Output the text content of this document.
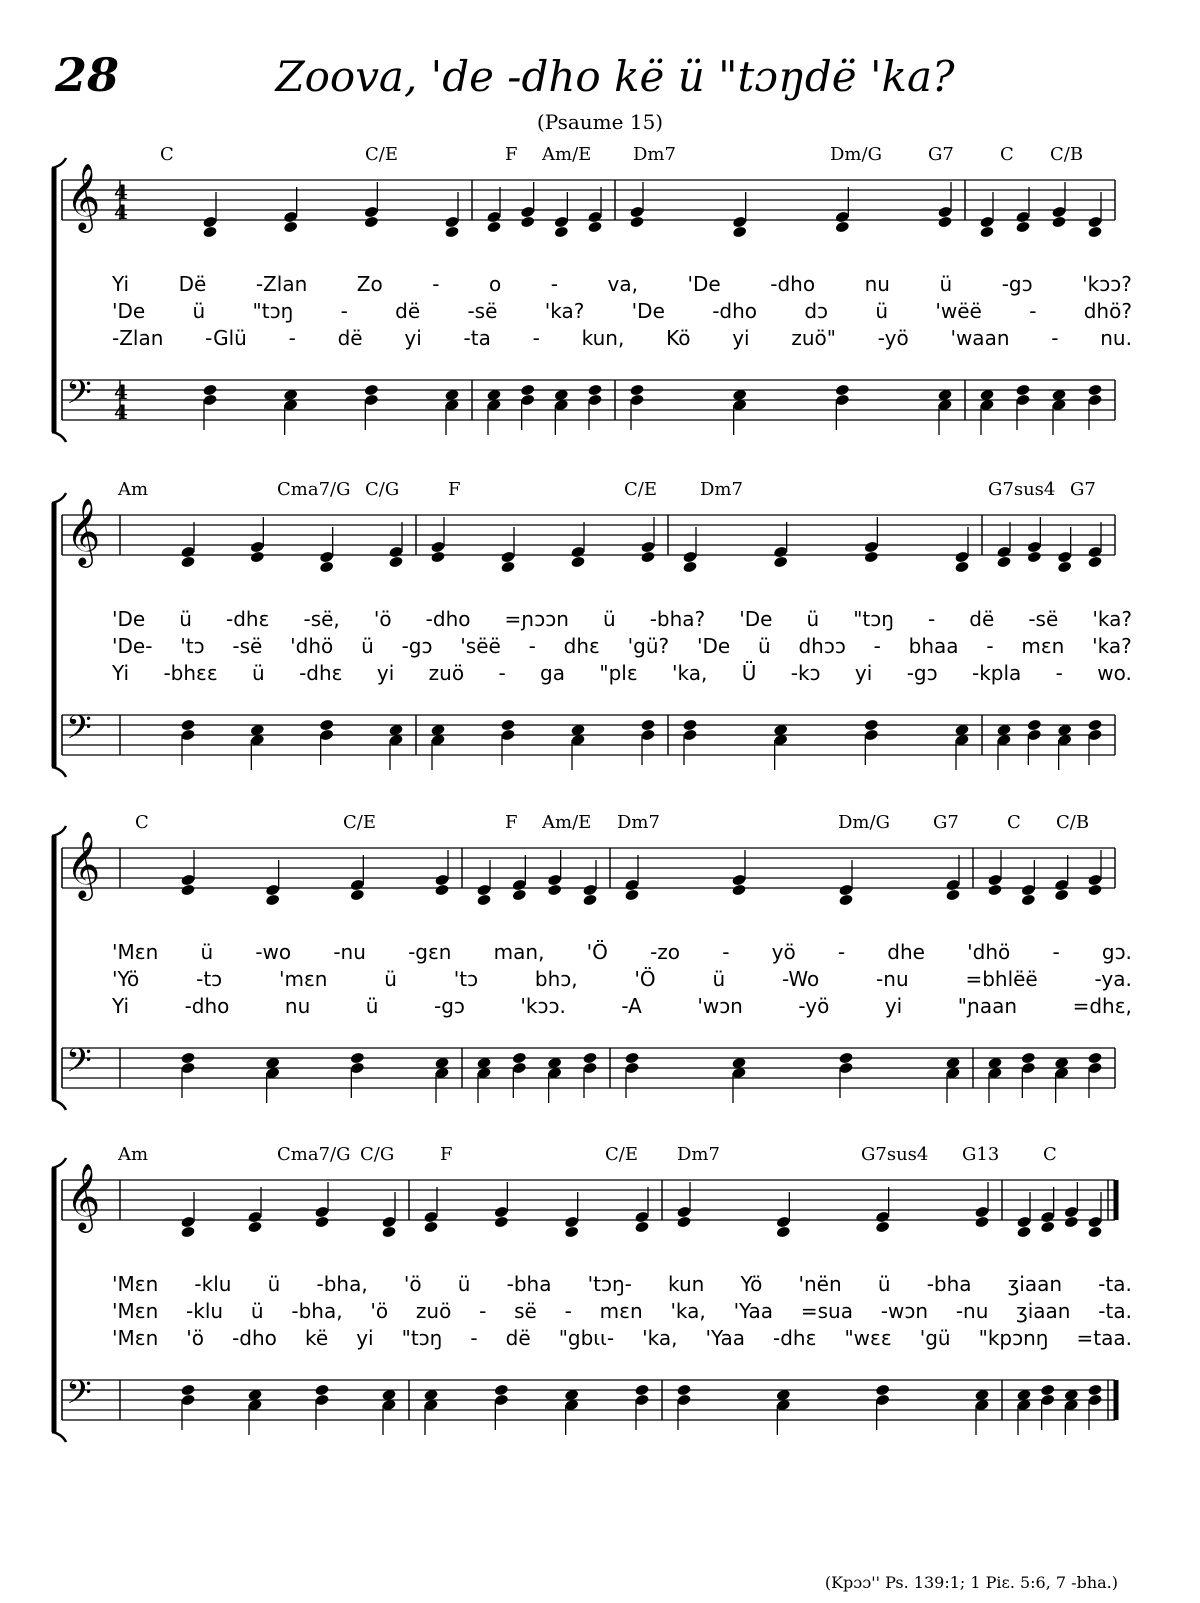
28	Zoova, 'de -dho kë ü "tɔŋdë 'ka?
(Psaume 15)
C	C/E	F Am/E Dm7	Dm/G	G7	C C/B
𝄞 4
4
𝄢 4
4
Yi Dë -Zlan Zo - o - va, 'De -dho nu ü -gɔ 'kɔɔ?
'De ü "tɔŋ - dë -së 'ka? 'De -dho dɔ ü 'wëë - dhö?
-Zlan -Glü - dë yi -ta - kun, Kö yi zuö" -yö 'waan - nu.
Am	Cma7/G C/G	F	C/E Dm7	G7sus4 G7
𝄞
𝄢
'De ü -dhɛ -së, 'ö -dho =ɲɔɔn ü -bha? 'De ü "tɔŋ - dë -së 'ka?
'De- 'tɔ -së 'dhö ü -gɔ 'sëë - dhɛ 'gü? 'De ü dhɔɔ - bhaa - mɛn 'ka?
Yi -bhɛɛ ü -dhɛ yi zuö - ga "plɛ 'ka, Ü -kɔ yi -gɔ -kpla - wo.
C	C/E	F Am/E Dm7	Dm/G G7	C C/B
𝄞
𝄢
'Mɛn ü -wo -nu -gɛn man, 'Ö -zo - yö - dhe 'dhö - gɔ.
'Yö	-tɔ	'mɛn	ü	'tɔ	bhɔ,	'Ö	ü	-Wo	-nu	=bhlëë	-ya.
Yi	-dho	nu	ü	-gɔ	'kɔɔ.	-A	'wɔn	-yö	yi	"ɲaan	=dhɛ,
Am	Cma7/G C/G	F	C/E Dm7	G7sus4 G13 C
𝄞
𝄢
'Mɛn -klu ü -bha, 'ö ü -bha 'tɔŋ- kun Yö 'nën ü -bha ʒiaan -ta.
'Mɛn -klu ü -bha, 'ö zuö - së - mɛn 'ka, 'Yaa =sua -wɔn -nu ʒiaan -ta.
'Mɛn 'ö -dho kë yi "tɔŋ - dë "gbɩɩ- 'ka, 'Yaa -dhɛ "wɛɛ 'gü "kpɔnŋ =taa.
(Kpɔɔ'' Ps. 139:1; 1 Piɛ. 5:6, 7 -bha.)
